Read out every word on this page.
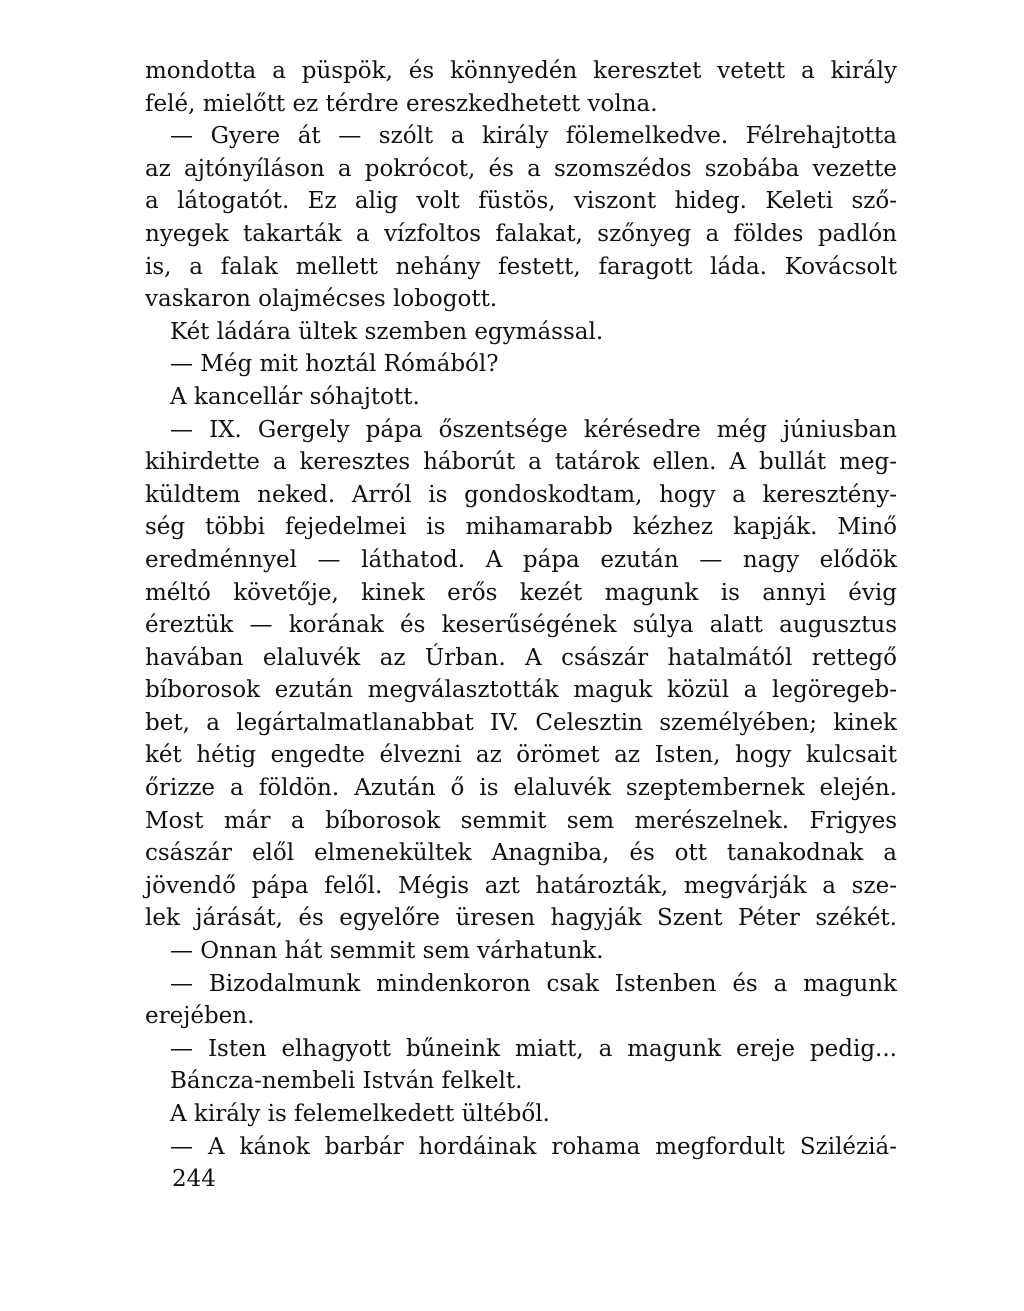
mondotta a püspök, és könnyedén keresztet vetett a király
felé, mielőtt ez térdre ereszkedhetett volna.
— Gyere át — szólt a király fölemelkedve. Félrehajtotta
az ajtónyíláson a pokrócot, és a szomszédos szobába vezette
a látogatót. Ez alig volt füstös, viszont hideg. Keleti sző-
nyegek takarták a vízfoltos falakat, szőnyeg a földes padlón
is, a falak mellett nehány festett, faragott láda. Kovácsolt
vaskaron olajmécses lobogott.
Két ládára ültek szemben egymással.
— Még mit hoztál Rómából?
A kancellár sóhajtott.
— IX. Gergely pápa őszentsége kérésedre még júniusban
kihirdette a keresztes háborút a tatárok ellen. A bullát meg-
küldtem neked. Arról is gondoskodtam, hogy a keresztény-
ség többi fejedelmei is mihamarabb kézhez kapják. Minő
eredménnyel — láthatod. A pápa ezután — nagy elődök
méltó követője, kinek erős kezét magunk is annyi évig
éreztük — korának és keserűségének súlya alatt augusztus
havában elaluvék az Úrban. A császár hatalmától rettegő
bíborosok ezután megválasztották maguk közül a legöregeb-
bet, a legártalmatlanabbat IV. Celesztin személyében; kinek
két hétig engedte élvezni az örömet az Isten, hogy kulcsait
őrizze a földön. Azután ő is elaluvék szeptembernek elején.
Most már a bíborosok semmit sem merészelnek. Frigyes
császár elől elmenekültek Anagniba, és ott tanakodnak a
jövendő pápa felől. Mégis azt határozták, megvárják a sze-
lek járását, és egyelőre üresen hagyják Szent Péter székét.
— Onnan hát semmit sem várhatunk.
— Bizodalmunk mindenkoron csak Istenben és a magunk
erejében.
— Isten elhagyott bűneink miatt, a magunk ereje pedig...
Báncza-nembeli István felkelt.
A király is felemelkedett ültéből.
— A kánok barbár hordáinak rohama megfordult Sziléziá-
244
